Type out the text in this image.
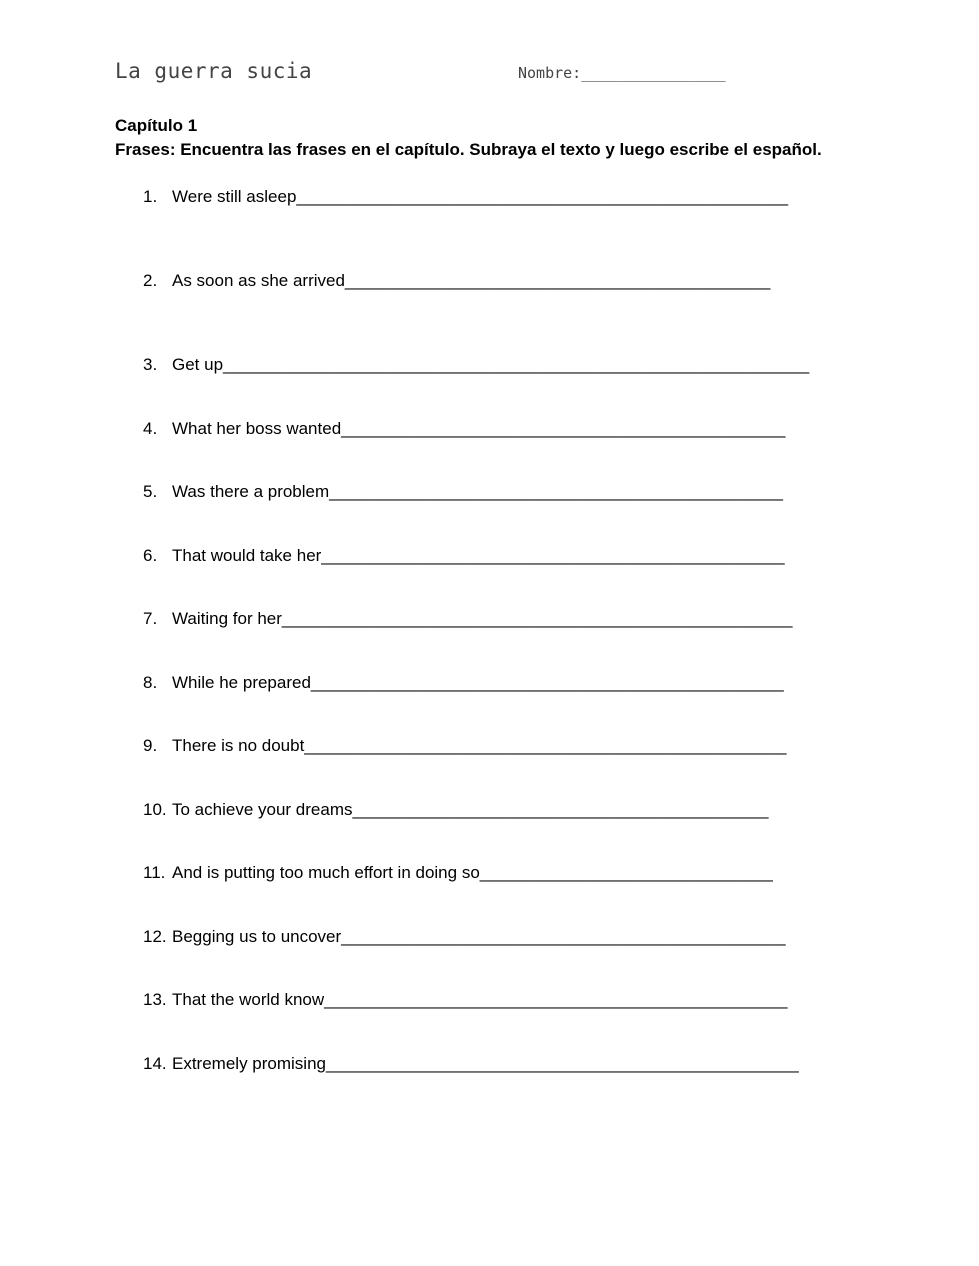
La guerra sucia	Nombre:________________
Capítulo 1
Frases: Encuentra las frases en el capítulo. Subraya el texto y luego escribe el español.
1. Were still asleep____________________________________________________
2. As soon as she arrived_____________________________________________
3. Get up______________________________________________________________
4. What her boss wanted_______________________________________________
5. Was there a problem________________________________________________
6. That would take her_________________________________________________
7. Waiting for her______________________________________________________
8. While he prepared__________________________________________________
9. There is no doubt___________________________________________________
10. To achieve your dreams____________________________________________
11. And is putting too much effort in doing so_______________________________
12. Begging us to uncover_______________________________________________
13. That the world know_________________________________________________
14. Extremely promising__________________________________________________
